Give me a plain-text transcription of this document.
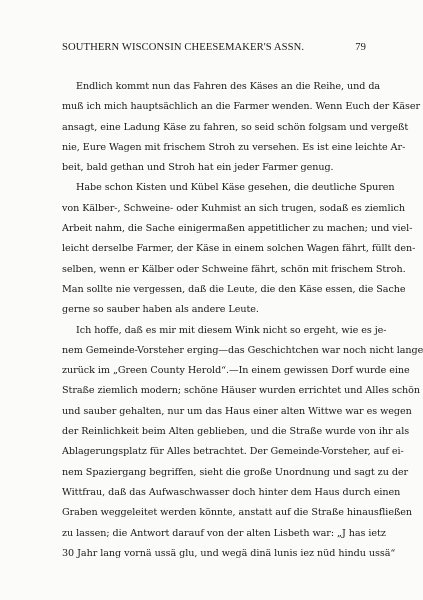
SOUTHERN WISCONSIN CHEESEMAKER'S ASSN.	79
Endlich kommt nun das Fahren des Käses an die Reihe, und da
muß ich mich hauptsächlich an die Farmer wenden. Wenn Euch der Käser
ansagt, eine Ladung Käse zu fahren, so seid schön folgsam und vergeßt
nie, Eure Wagen mit frischem Stroh zu versehen. Es ist eine leichte Ar-
beit, bald gethan und Stroh hat ein jeder Farmer genug.
Habe schon Kisten und Kübel Käse gesehen, die deutliche Spuren
von Kälber-, Schweine- oder Kuhmist an sich trugen, sodaß es ziemlich
Arbeit nahm, die Sache einigermaßen appetitlicher zu machen; und viel-
leicht derselbe Farmer, der Käse in einem solchen Wagen fährt, füllt den-
selben, wenn er Kälber oder Schweine fährt, schön mit frischem Stroh.
Man sollte nie vergessen, daß die Leute, die den Käse essen, die Sache
gerne so sauber haben als andere Leute.
Ich hoffe, daß es mir mit diesem Wink nicht so ergeht, wie es je-
nem Gemeinde-Vorsteher erging—das Geschichtchen war noch nicht lange
zurück im „Green County Herold“.—In einem gewissen Dorf wurde eine
Straße ziemlich modern; schöne Häuser wurden errichtet und Alles schön
und sauber gehalten, nur um das Haus einer alten Wittwe war es wegen
der Reinlichkeit beim Alten geblieben, und die Straße wurde von ihr als
Ablagerungsplatz für Alles betrachtet. Der Gemeinde-Vorsteher, auf ei-
nem Spaziergang begriffen, sieht die große Unordnung und sagt zu der
Wittfrau, daß das Aufwaschwasser doch hinter dem Haus durch einen
Graben weggeleitet werden könnte, anstatt auf die Straße hinausfließen
zu lassen; die Antwort darauf von der alten Lisbeth war: „J has ietz
30 Jahr lang vornä ussä glu, und wegä dinä lunis iez nüd hindu ussä“
